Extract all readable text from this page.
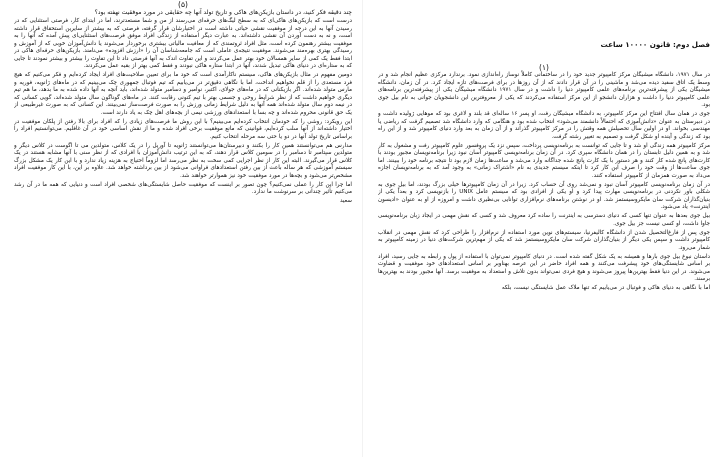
(۵)

چند دقیقه فکر کنید، در داستان بازیکن‌های هاکی و تاریخ تولد آنها چه حقایقی در مورد موفقیت نهفته بود؟

درست است که بازیکن‌های هاکی‌ای که به سطح لیگ‌های حرفه‌ای می‌رسند از من و شما مستعدترند، اما در ابتدای کار، فرصتی استثنایی که در رسیدن آنها به این درجه از موفقیت نقشی حیاتی داشته است در اختیارشان قرار گرفته، فرصتی که به بیشتر از سایرین استحقاق قرار داشته است، و نه به دست آوردن آن نقشی داشته‌اند. به عبارت دیگر استفاده از زندگی افراد موفق فرصت‌های استثنایی‌ای پیش آمده که آنها را به موفقیت بیشتر رهنمون کرده است، مثل افراد ثروتمندی که از معافیت مالیاتی بیشتری برخوردار می‌شوند یا دانش‌آموزان خوبی که از آموزش و رسیدگی بهتری بهره‌مند می‌شوند. موفقیت نتیجه‌ی عاملی است که جامعه‌شناسان آن را «ارزش افزوده» می‌نامند. بازیکن‌های حرفه‌ای هاکی در ابتدا فقط یک کمی از سایر همسالان خود بهتر عمل می‌کردند و این تفاوت اندک به آنها فرصتی داد تا این تفاوت را بیشتر و بیشتر نمودند تا جایی که به ستاره‌ای در دنیای هاکی تبدیل شدند، آنها در ابتدا ستاره هاکی نبودند و فقط کمی بهتر از بقیه عمل می‌کردند.

دومین مفهوم در مثال بازیکن‌های هاکی، سیستم ناکارآمدی است که خود ما برای تعیین صلاحیت‌های افراد ایجاد کرده‌ایم و فکر می‌کنیم که هیچ فرد مستعدی را از قلم نخواهیم انداخت، اما با نگاهی دقیق‌تر در می‌یابیم که تیم فوتبال جمهوری چک می‌بینیم که در ماه‌های ژانویه، فوریه و مارس متولد شده‌اند. اگر بازیکنانی که در ماه‌های جولای، اکتبر، نوامبر و دسامبر متولد شده‌اند، باید آنچه به آنها داده شده به ما بدهد، ما هم تیم دیگری خواهیم داشت که از نظر شرایط روحی و جسمی بهتر با تیم کنونی رقابت کنند. در ماه‌های گوناگون سال متولد شده‌اند، گویی کسانی که در نیمه دوم سال متولد شده‌اند همه آنها به دلیل شرایط زمانی ورزش را به صورت فرصت‌ساز نمی‌بینند. این کسانی که به صورت غیرطبیعی از یک حق قانونی محروم شده‌اند و چه بسا با استعدادهای ورزشی نیمی از بچه‌های اهل چک به یاد دارند است.

این رویکرد: روشی را که خودمان انتخاب کرده‌ایم می‌بینیم؟ با این روش ما فرصت‌های زیادی را که افراد برای بالا رفتن از پلکان موفقیت در اختیار داشته‌اند از آنها سلب کرده‌ایم، قوانینی که مانع موفقیت برخی افراد شده و ما از نقش اساسی خود در آن غافلیم. می‌توانستیم افراد را براساس تاریخ تولد آنها در دو یا حتی سه مرحله انتخاب کنیم.

مدارس هم می‌توانستند همین کار را بکنند و دبیرستان‌ها می‌توانستند ژانویه تا آوریل را در یک کلاس، متولدین می تا اگوست در کلاس دیگر و متولدین سپتامبر تا دسامبر را در سومین کلاس قرار دهند، که به این ترتیب دانش‌آموزان با افرادی که از نظر سنی با آنها مشابه هستند در یک کلاس قرار می‌گیرند. البته این کار از نظر اجرایی کمی سخت به نظر می‌رسد اما لزوماً احتیاج به هزینه زیاد ندارد و با این کار یک مشکل بزرگ سیستم آموزشی که هر ساله باعث از بین رفتن استعدادهای فراوانی می‌شود از بین برداشته خواهد شد. علاوه بر این، با این کار موفقیت افراد مشخص‌تر می‌شود و بچه‌ها در مورد موفقیت خود نیز هموارتر خواهند شد.

اما چرا این کار را عملی نمی‌کنیم؟ چون تصور بر اینست که موفقیت حاصل شایستگی‌های شخصی افراد است و دنیایی که همه ما در آن رشد می‌کنیم تأثیر چندانی بر سرنوشت ما ندارد.

سعید

فصل دوم: قانون ۱۰۰۰۰ ساعت

(۱)

در سال ۱۹۷۱، دانشگاه میشیگان مرکز کامپیوتر جدید خود را در ساختمانی کاملاً نوساز راه‌اندازی نمود. برندارد مرکزی عظیم انجام شد و در وسط یک اتاق سفید دیده می‌شد و ماشینی را در آن قرار دادند که از آن روزها در برای فرصت‌های تازه ایجاد کرد. در آن زمان، دانشگاه میشیگان یکی از پیشرفته‌ترین برنامه‌های علمی کامپیوتر دنیا را داشت و در سال ۱۹۷۱ دانشگاه میشیگان یکی از پیشرفته‌ترین برنامه‌های علمی کامپیوتر دنیا را داشت و هزاران دانشجو از این مرکز استفاده می‌کردند که یکی از معروفترین این دانشجویان جوانی به نام بیل جوی بود.

جوی در همان سال افتتاح این مرکز کامپیوتر، به دانشگاه میشیگان رفت، او پسر ۱۶ ساله‌ای قد بلند و لاغری بود که موهایی ژولیده داشت و در دبیرستان به عنوان «دانش‌آموزی که احتمالاً دانشمند می‌شود» انتخاب شده بود و هنگامی که وارد دانشگاه شد تصمیم گرفت که ریاضی یا مهندسی بخواند. او در اولین سال تحصیلش همه وقتش را در مرکز کامپیوتر گذراند و از آن زمان به بعد وارد دنیای کامپیوتر شد و از این راه بود که زندگی و آینده او شکل گرفت و تصمیم به تغییر رشته گرفت.

مرکز کامپیوتر همه زندگی او شد و تا جایی که توانست به برنامه‌نویسی پرداخت، سپس نزد یک پروفسور علوم کامپیوتر رفت و مشغول به کار شد و به همین دلیل تابستان را در همان دانشگاه سپری کرد. در آن زمان برنامه‌نویسی کامپیوتر آسان نبود زیرا برنامه‌نویسان مجبور بودند با کارت‌های پانچ شده کار کنند و هر دستور با یک کارت پانچ شده جداگانه وارد می‌شد و ساعت‌ها زمان لازم بود تا نتیجه برنامه خود را ببینند. اما جوی ساعت‌ها از وقت خود را صرف این کار کرد تا اینکه سیستم جدیدی به نام «اشتراک زمانی» به وجود آمد که به برنامه‌نویسان اجازه می‌داد به صورت همزمان از کامپیوتر استفاده کنند.

در آن زمان برنامه‌نویسی کامپیوتر آسان نبود و نمی‌شد روی آن حساب کرد. زیرا در آن زمان کامپیوترها خیلی بزرگ بودند، اما بیل جوی به شکلی باور نکردنی در برنامه‌نویسی مهارت پیدا کرد و او یکی از افرادی بود که سیستم عامل UNIX را بازنویسی کرد و بعداً یکی از بنیان‌گذاران شرکت سان مایکروسیستمز شد. او در نوشتن برنامه‌های نرم‌افزاری توانایی بی‌نظیری داشت و امروزه از او به عنوان «ادیسون اینترنت» یاد می‌شود.

بیل جوی بعدها به عنوان تنها کسی که دنیای دسترسی به اینترنت را ساده کرد معروف شد و کسی که نقش مهمی در ایجاد زبان برنامه‌نویسی جاوا داشت، او کسی نیست جز بیل جوی.

جوی پس از فارغ‌التحصیل شدن از دانشگاه کالیفرنیا، سیستم‌های نوین مورد استفاده از نرم‌افزار را طراحی کرد که نقش مهمی در انقلاب کامپیوتر داشت و سپس یکی دیگر از بنیان‌گذاران شرکت سان مایکروسیستمز شد که یکی از مهم‌ترین شرکت‌های دنیا در زمینه کامپیوتر به شمار می‌رود.

داستان نبوغ بیل جوی بارها و همیشه به یک شکل گفته شده است. در دنیای کامپیوتر نمی‌توان با استفاده از پول و رابطه به جایی رسید، افراد بر اساس شایستگی‌های خود پیشرفت می‌کنند و همه افراد حاضر در این عرصه بهناوبر بر اساس استعدادهای خود موفقیت و قضاوت می‌شوند. در این دنیا فقط بهترین‌ها پیروز می‌شوند و هیچ فردی نمی‌تواند بدون تلاش و استعداد به موفقیت برسد. آنها مجبور بودند به بهترین‌ها برسند.

اما با نگاهی به دنیای هاکی و فوتبال در می‌یابیم که تنها ملاک عمل شایستگی نیست، بلکه
